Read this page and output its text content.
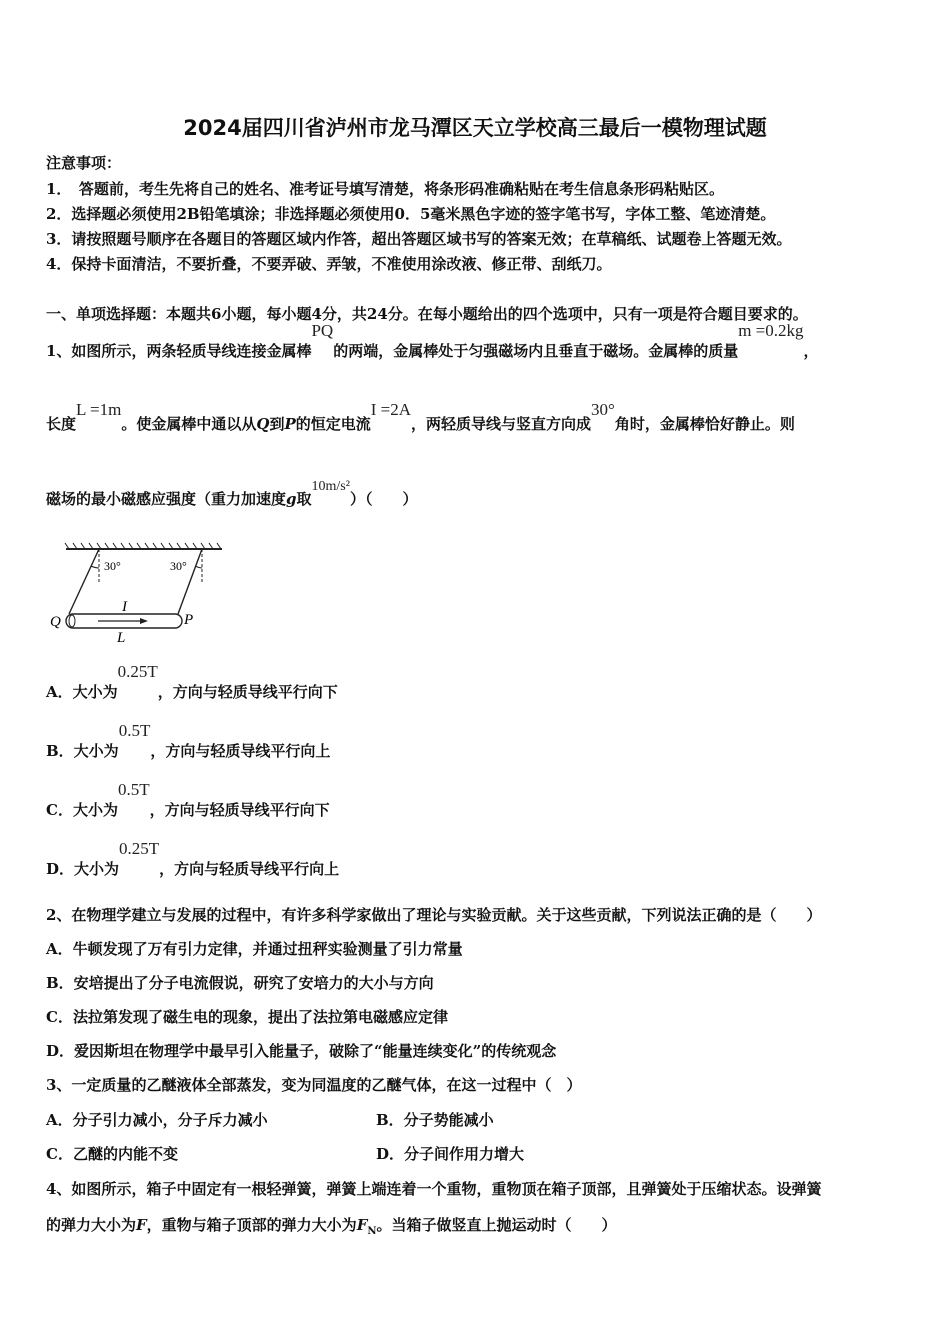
2024届四川省泸州市龙马潭区天立学校高三最后一模物理试题
注意事项：
1．　答题前，考生先将自己的姓名、准考证号填写清楚，将条形码准确粘贴在考生信息条形码粘贴区。
2．选择题必须使用2B铅笔填涂；非选择题必须使用0．5毫米黑色字迹的签字笔书写，字体工整、笔迹清楚。
3．请按照题号顺序在各题目的答题区域内作答，超出答题区域书写的答案无效；在草稿纸、试题卷上答题无效。
4．保持卡面清洁，不要折叠，不要弄破、弄皱，不准使用涂改液、修正带、刮纸刀。
一、单项选择题：本题共6小题，每小题4分，共24分。在每小题给出的四个选项中，只有一项是符合题目要求的。
1、如图所示，两条轻质导线连接金属棒PQ的两端，金属棒处于匀强磁场内且垂直于磁场。金属棒的质量m =0.2kg，
长度L =1m。使金属棒中通以从Q到P的恒定电流I =2A，两轻质导线与竖直方向成30°角时，金属棒恰好静止。则
磁场的最小磁感应强度（重力加速度g取10m/s²）（　　）
30°	30°
Q	P
I
L
A．大小为0.25T，方向与轻质导线平行向下
B．大小为0.5T，方向与轻质导线平行向上
C．大小为0.5T，方向与轻质导线平行向下
D．大小为0.25T，方向与轻质导线平行向上
2、在物理学建立与发展的过程中，有许多科学家做出了理论与实验贡献。关于这些贡献，下列说法正确的是（　　）
A．牛顿发现了万有引力定律，并通过扭秤实验测量了引力常量
B．安培提出了分子电流假说，研究了安培力的大小与方向
C．法拉第发现了磁生电的现象，提出了法拉第电磁感应定律
D．爱因斯坦在物理学中最早引入能量子，破除了“能量连续变化”的传统观念
3、一定质量的乙醚液体全部蒸发，变为同温度的乙醚气体，在这一过程中（　）
A．分子引力减小，分子斥力减小	B．分子势能减小
C．乙醚的内能不变	D．分子间作用力增大
4、如图所示，箱子中固定有一根轻弹簧，弹簧上端连着一个重物，重物顶在箱子顶部，且弹簧处于压缩状态。设弹簧
的弹力大小为F，重物与箱子顶部的弹力大小为$F_N$。当箱子做竖直上抛运动时（　　）
